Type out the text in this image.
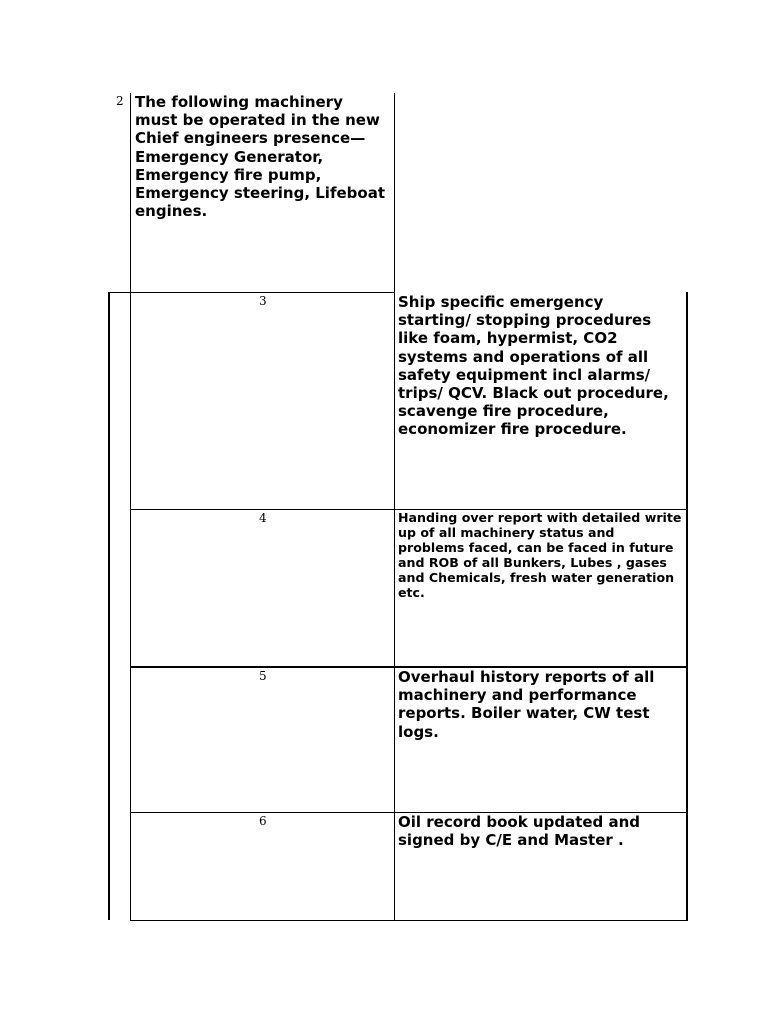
2 The following machinery
must be operated in the new
Chief engineers presence—
Emergency Generator,
Emergency fire pump,
Emergency steering, Lifeboat
engines.
3	Ship specific emergency
starting/ stopping procedures
like foam, hypermist, CO2
systems and operations of all
safety equipment incl alarms/
trips/ QCV. Black out procedure,
scavenge fire procedure,
economizer fire procedure.
4	Handing over report with detailed write
up of all machinery status and
problems faced, can be faced in future
and ROB of all Bunkers, Lubes , gases
and Chemicals, fresh water generation
etc.
5	Overhaul history reports of all
machinery and performance
reports. Boiler water, CW test
logs.
6	Oil record book updated and
signed by C/E and Master .
